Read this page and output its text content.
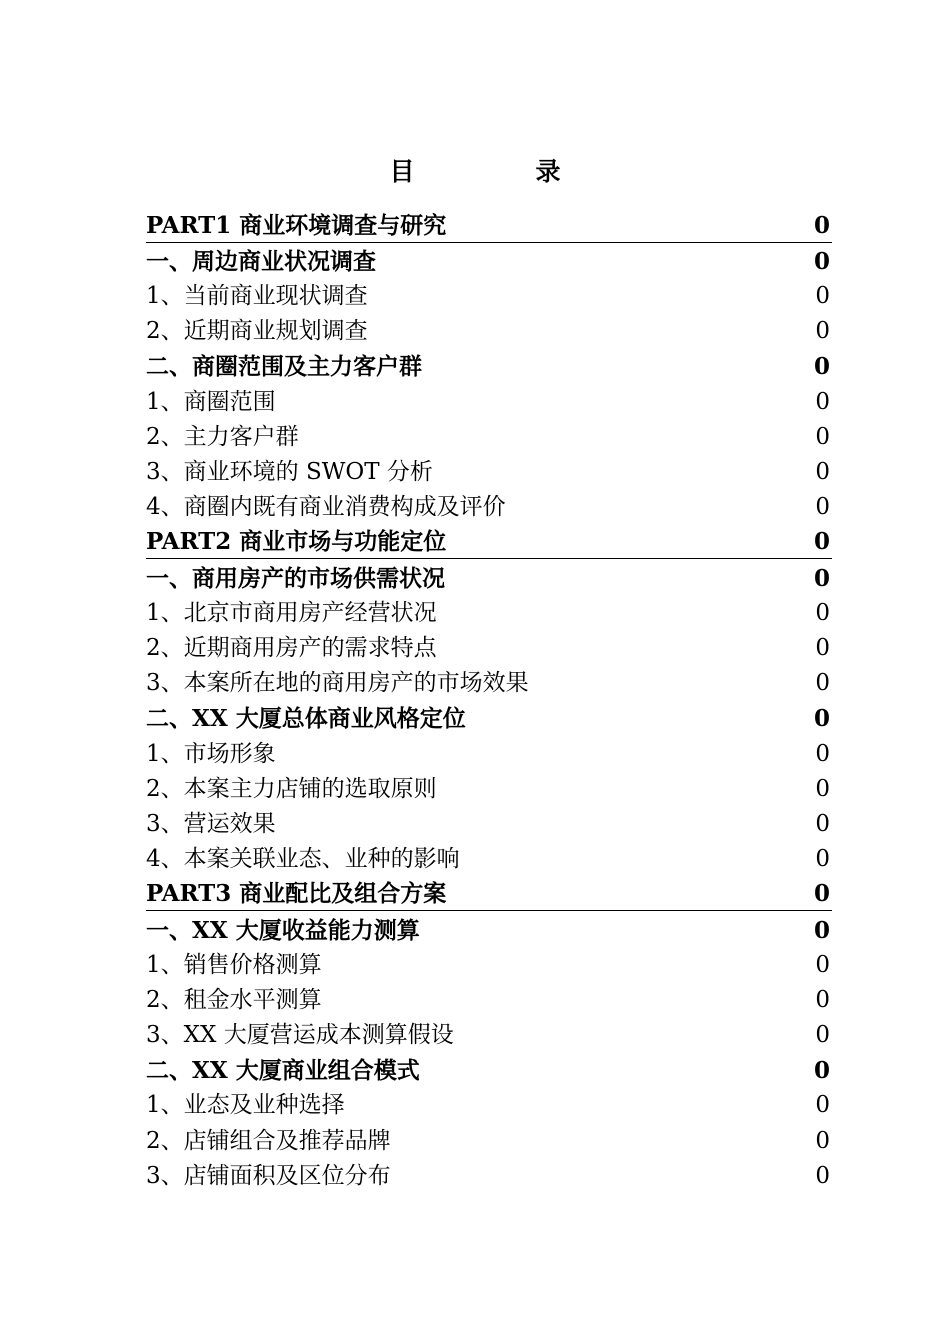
目　录
PART1 商业环境调查与研究	0
一、周边商业状况调查	0
1、当前商业现状调查	0
2、近期商业规划调查	0
二、商圈范围及主力客户群	0
1、商圈范围	0
2、主力客户群	0
3、商业环境的 SWOT 分析	0
4、商圈内既有商业消费构成及评价	0
PART2 商业市场与功能定位	0
一、商用房产的市场供需状况	0
1、北京市商用房产经营状况	0
2、近期商用房产的需求特点	0
3、本案所在地的商用房产的市场效果	0
二、XX 大厦总体商业风格定位	0
1、市场形象	0
2、本案主力店铺的选取原则	0
3、营运效果	0
4、本案关联业态、业种的影响	0
PART3 商业配比及组合方案	0
一、XX 大厦收益能力测算	0
1、销售价格测算	0
2、租金水平测算	0
3、XX 大厦营运成本测算假设	0
二、XX 大厦商业组合模式	0
1、业态及业种选择	0
2、店铺组合及推荐品牌	0
3、店铺面积及区位分布	0
